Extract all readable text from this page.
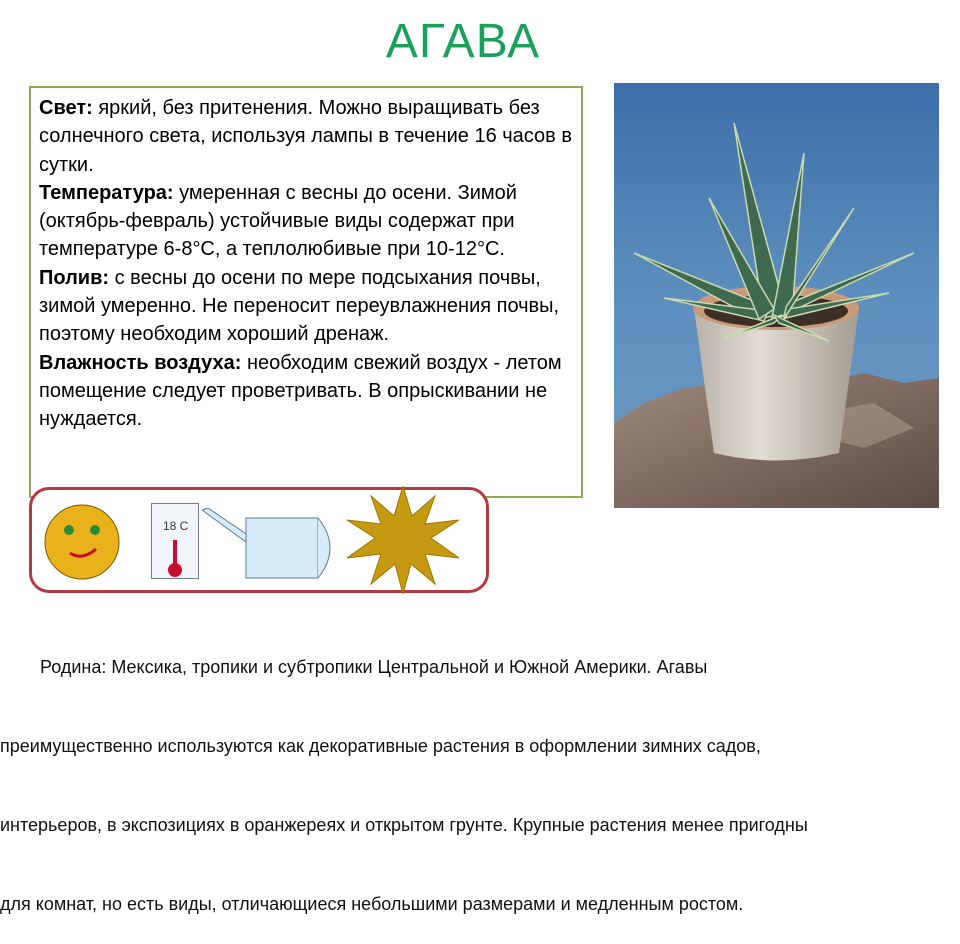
АГАВА

Свет: яркий, без притенения. Можно выращивать без солнечного света, используя лампы в течение 16 часов в сутки.

Температура: умеренная с весны до осени. Зимой (октябрь-февраль) устойчивые виды содержат при температуре 6-8°C, а теплолюбивые при 10-12°C.

Полив: с весны до осени по мере подсыхания почвы, зимой умеренно. Не переносит переувлажнения почвы, поэтому необходим хороший дренаж.

Влажность воздуха: необходим свежий воздух - летом помещение следует проветривать. В опрыскивании не нуждается.

18 C

Родина: Мексика, тропики и субтропики Центральной и Южной Америки. Агавы

преимущественно используются как декоративные растения в оформлении зимних садов,

интерьеров, в экспозициях в оранжереях и открытом грунте. Крупные растения менее пригодны

для комнат, но есть виды, отличающиеся небольшими размерами и медленным ростом.
